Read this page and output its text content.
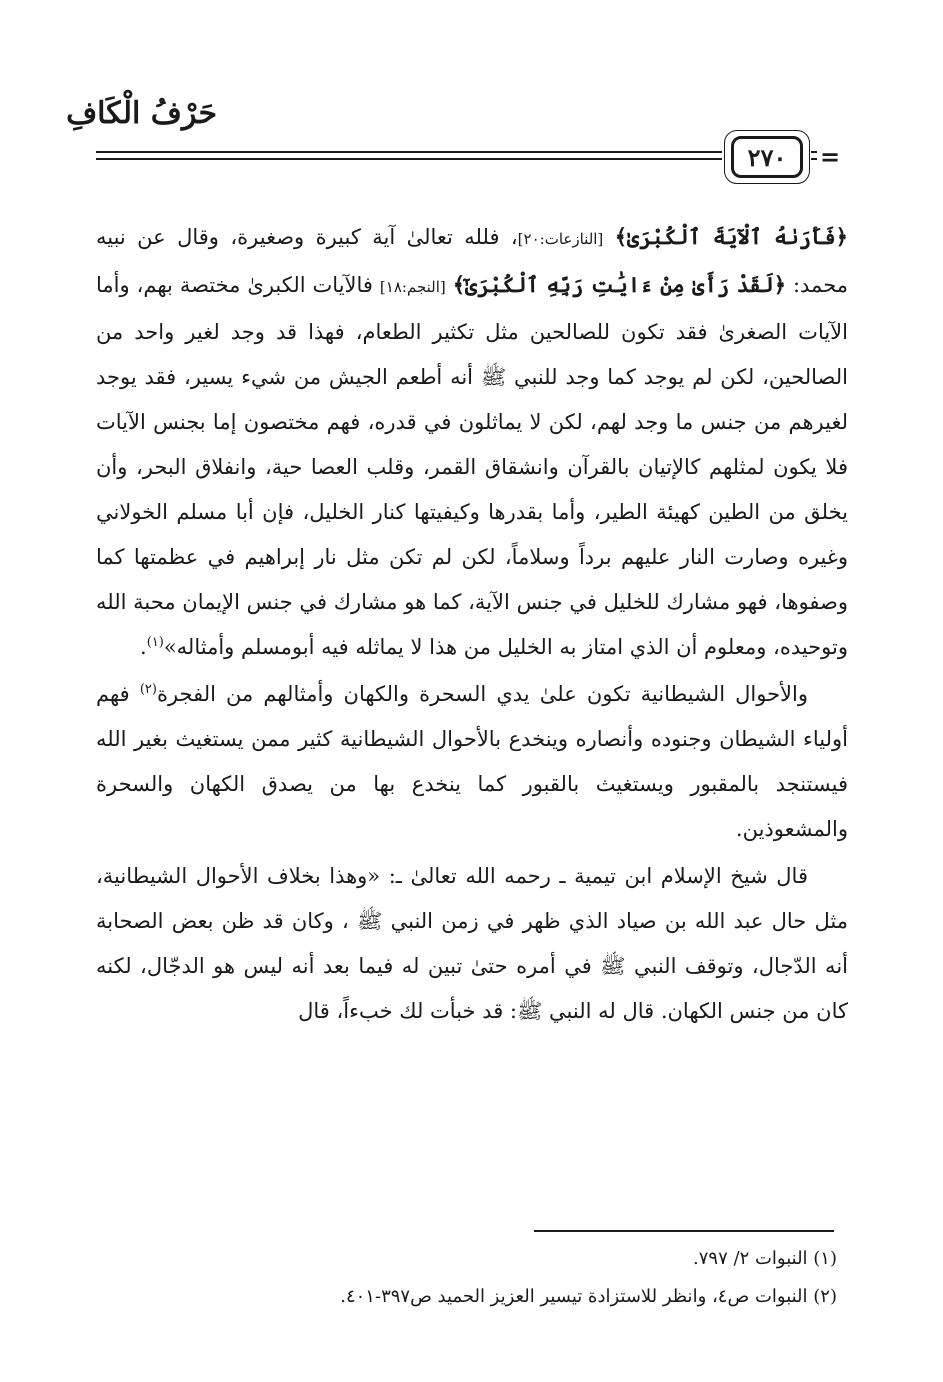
حَرْفُ الْكَافِ
٢٧٠	=

﴿فَأَرَىٰهُ ٱلْآيَةَ ٱلْكُبْرَىٰ﴾ [النازعات:٢٠]، فلله تعالىٰ آية كبيرة وصغيرة، وقال عن نبيه محمد: ﴿لَقَدْ رَأَىٰ مِنْ ءَايَٰتِ رَبِّهِ ٱلْكُبْرَىٰٓ﴾ [النجم:١٨] فالآيات الكبرىٰ مختصة بهم، وأما الآيات الصغرىٰ فقد تكون للصالحين مثل تكثير الطعام، فهذا قد وجد لغير واحد من الصالحين، لكن لم يوجد كما وجد للنبي ﷺ أنه أطعم الجيش من شيء يسير، فقد يوجد لغيرهم من جنس ما وجد لهم، لكن لا يماثلون في قدره، فهم مختصون إما بجنس الآيات فلا يكون لمثلهم كالإتيان بالقرآن وانشقاق القمر، وقلب العصا حية، وانفلاق البحر، وأن يخلق من الطين كهيئة الطير، وأما بقدرها وكيفيتها كنار الخليل، فإن أبا مسلم الخولاني وغيره وصارت النار عليهم برداً وسلاماً، لكن لم تكن مثل نار إبراهيم في عظمتها كما وصفوها، فهو مشارك للخليل في جنس الآية، كما هو مشارك في جنس الإيمان محبة الله وتوحيده، ومعلوم أن الذي امتاز به الخليل من هذا لا يماثله فيه أبومسلم وأمثاله»$^{(١)}$.

والأحوال الشيطانية تكون علىٰ يدي السحرة والكهان وأمثالهم من الفجرة$^{(٢)}$ فهم أولياء الشيطان وجنوده وأنصاره وينخدع بالأحوال الشيطانية كثير ممن يستغيث بغير الله فيستنجد بالمقبور ويستغيث بالقبور كما ينخدع بها من يصدق الكهان والسحرة والمشعوذين.

قال شيخ الإسلام ابن تيمية ـ رحمه الله تعالىٰ ـ: «وهذا بخلاف الأحوال الشيطانية، مثل حال عبد الله بن صياد الذي ظهر في زمن النبي ﷺ ، وكان قد ظن بعض الصحابة أنه الدّجال، وتوقف النبي ﷺ في أمره حتىٰ تبين له فيما بعد أنه ليس هو الدجّال، لكنه كان من جنس الكهان. قال له النبي ﷺ: قد خبأت لك خبءاً، قال

(١) النبوات ٢/ ٧٩٧.
(٢) النبوات ص٤، وانظر للاستزادة تيسير العزيز الحميد ص٣٩٧-٤٠١.
